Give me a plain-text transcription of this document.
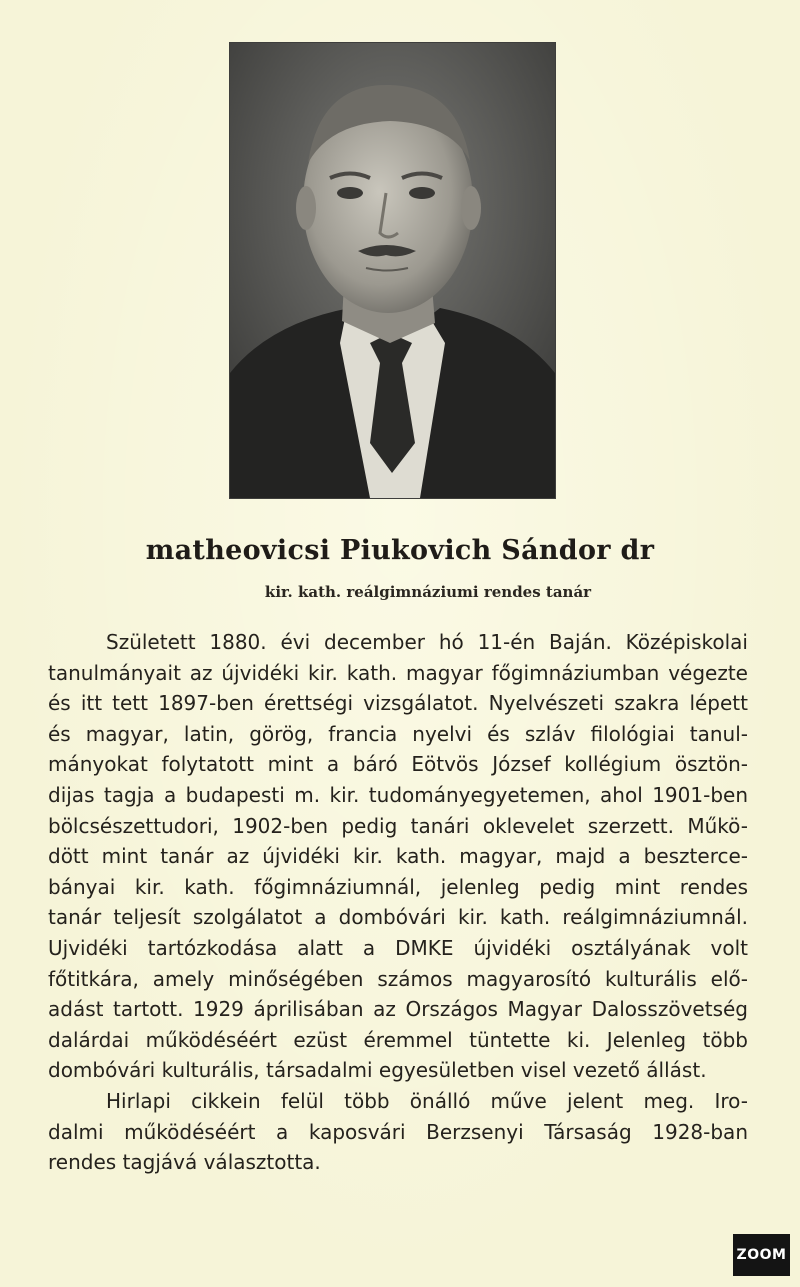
matheovicsi Piukovich Sándor dr
kir. kath. reálgimnáziumi rendes tanár
Született 1880. évi december hó 11-én Baján. Középiskolai
tanulmányait az újvidéki kir. kath. magyar főgimnáziumban végezte
és itt tett 1897-ben érettségi vizsgálatot. Nyelvészeti szakra lépett
és magyar, latin, görög, francia nyelvi és szláv filológiai tanul-
mányokat folytatott mint a báró Eötvös József kollégium ösztön-
dijas tagja a budapesti m. kir. tudományegyetemen, ahol 1901-ben
bölcsészettudori, 1902-ben pedig tanári oklevelet szerzett. Műkö-
dött mint tanár az újvidéki kir. kath. magyar, majd a besztercе-
bányai kir. kath. főgimnáziumnál, jelenleg pedig mint rendes
tanár teljesít szolgálatot a dombóvári kir. kath. reálgimnáziumnál.
Ujvidéki tartózkodása alatt a DMKE újvidéki osztályának volt
főtitkára, amely minőségében számos magyarosító kulturális elő-
adást tartott. 1929 áprilisában az Országos Magyar Dalosszövetség
dalárdai működéséért ezüst éremmel tüntette ki. Jelenleg több
dombóvári kulturális, társadalmi egyesületben visel vezető állást.
Hirlapi cikkein felül több önálló műve jelent meg. Iro-
dalmi működéséért a kaposvári Berzsenyi Társaság 1928-ban
rendes tagjává választotta.
ZOOM
